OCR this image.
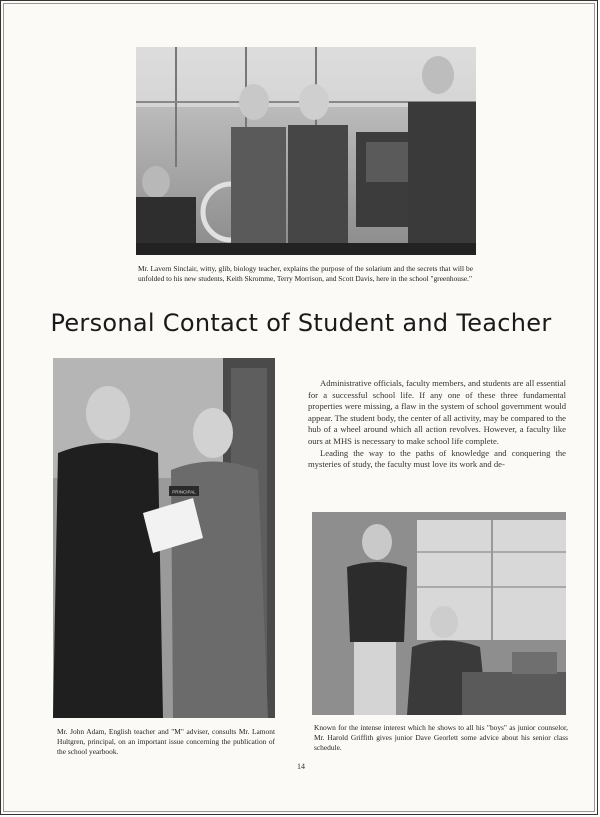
Mr. Lavern Sinclair, witty, glib, biology teacher, explains the purpose of the solarium and the secrets that will be unfolded to his new students, Keith Skromme, Terry Morrison, and Scott Davis, here in the school "greenhouse."

Personal Contact of Student and Teacher
PRINCIPAL

Mr. John Adam, English teacher and "M" adviser, consults Mr. Lamont Hultgren, principal, on an important issue concerning the publication of the school yearbook.

Administrative officials, faculty members, and students are all essential for a successful school life. If any one of these three fundamental properties were missing, a flaw in the system of school government would appear. The student body, the center of all activity, may be compared to the hub of a wheel around which all action revolves. However, a faculty like ours at MHS is necessary to make school life complete.

Leading the way to the paths of knowledge and conquering the mysteries of study, the faculty must love its work and de-

Known for the intense interest which he shows to all his "boys" as junior counselor, Mr. Harold Griffith gives junior Dave Georlett some advice about his senior class schedule.

14
